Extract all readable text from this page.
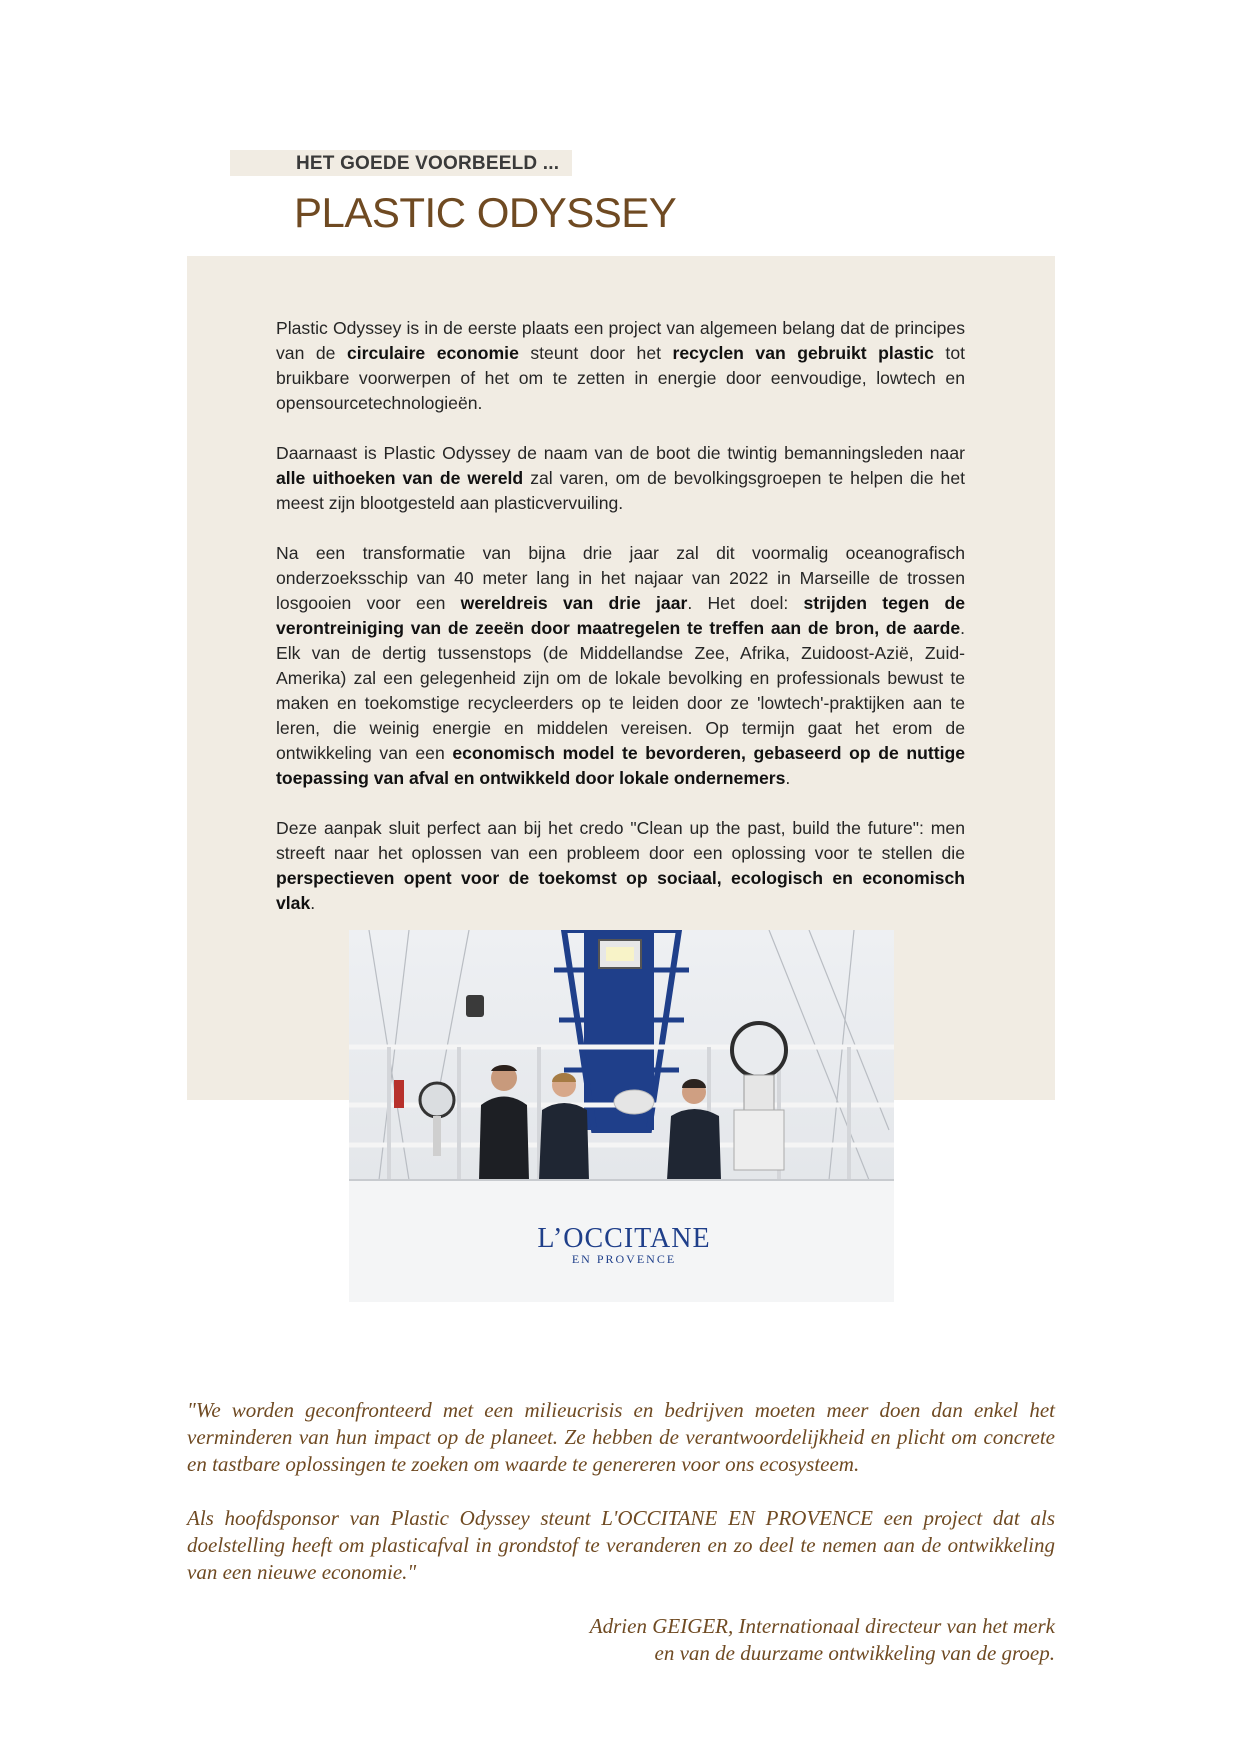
HET GOEDE VOORBEELD ...
PLASTIC ODYSSEY

Plastic Odyssey is in de eerste plaats een project van algemeen belang dat de principes van de circulaire economie steunt door het recyclen van gebruikt plastic tot bruikbare voorwerpen of het om te zetten in energie door eenvoudige, lowtech en opensourcetechnologieën.

Daarnaast is Plastic Odyssey de naam van de boot die twintig bemanningsleden naar alle uithoeken van de wereld zal varen, om de bevolkingsgroepen te helpen die het meest zijn blootgesteld aan plasticvervuiling.

Na een transformatie van bijna drie jaar zal dit voormalig oceanografisch onderzoeksschip van 40 meter lang in het najaar van 2022 in Marseille de trossen losgooien voor een wereldreis van drie jaar. Het doel: strijden tegen de verontreiniging van de zeeën door maatregelen te treffen aan de bron, de aarde. Elk van de dertig tussenstops (de Middellandse Zee, Afrika, Zuidoost-Azië, Zuid-Amerika) zal een gelegenheid zijn om de lokale bevolking en professionals bewust te maken en toekomstige recycleerders op te leiden door ze 'lowtech'-praktijken aan te leren, die weinig energie en middelen vereisen. Op termijn gaat het erom de ontwikkeling van een economisch model te bevorderen, gebaseerd op de nuttige toepassing van afval en ontwikkeld door lokale ondernemers.

Deze aanpak sluit perfect aan bij het credo "Clean up the past, build the future": men streeft naar het oplossen van een probleem door een oplossing voor te stellen die perspectieven opent voor de toekomst op sociaal, ecologisch en economisch vlak.

L’OCCITANE
EN PROVENCE

"We worden geconfronteerd met een milieucrisis en bedrijven moeten meer doen dan enkel het verminderen van hun impact op de planeet. Ze hebben de verantwoordelijkheid en plicht om concrete en tastbare oplossingen te zoeken om waarde te genereren voor ons ecosysteem.

Als hoofdsponsor van Plastic Odyssey steunt L'OCCITANE EN PROVENCE een project dat als doelstelling heeft om plasticafval in grondstof te veranderen en zo deel te nemen aan de ontwikkeling van een nieuwe economie."

Adrien GEIGER, Internationaal directeur van het merk
en van de duurzame ontwikkeling van de groep.
